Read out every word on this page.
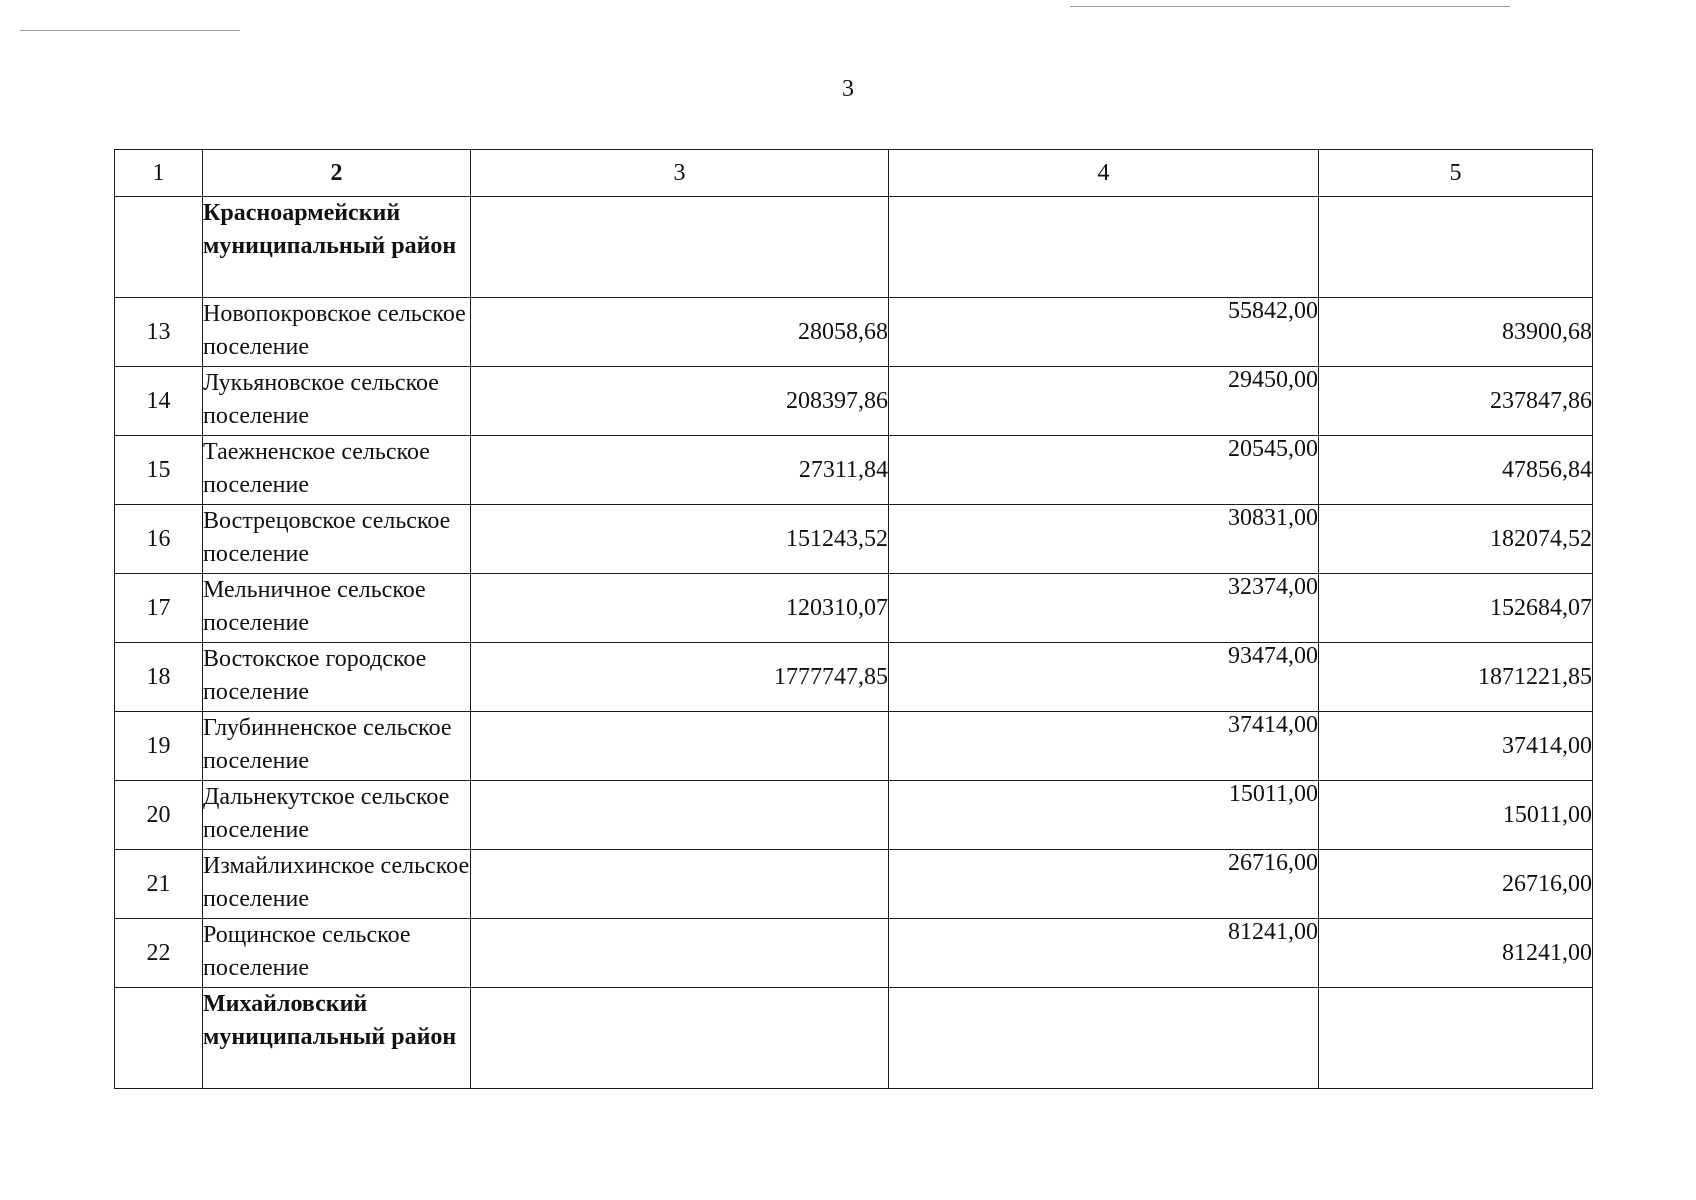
3
1	2	3	4	5
	Красноармейский муниципальный район			
13	Новопокровское сельское поселение	28058,68	55842,00	83900,68
14	Лукьяновское сельское поселение	208397,86	29450,00	237847,86
15	Таежненское сельское поселение	27311,84	20545,00	47856,84
16	Вострецовское сельское поселение	151243,52	30831,00	182074,52
17	Мельничное сельское поселение	120310,07	32374,00	152684,07
18	Востокское городское поселение	1777747,85	93474,00	1871221,85
19	Глубинненское сельское поселение		37414,00	37414,00
20	Дальнекутское сельское поселение		15011,00	15011,00
21	Измайлихинское сельское поселение		26716,00	26716,00
22	Рощинское сельское поселение		81241,00	81241,00
	Михайловский муниципальный район			
